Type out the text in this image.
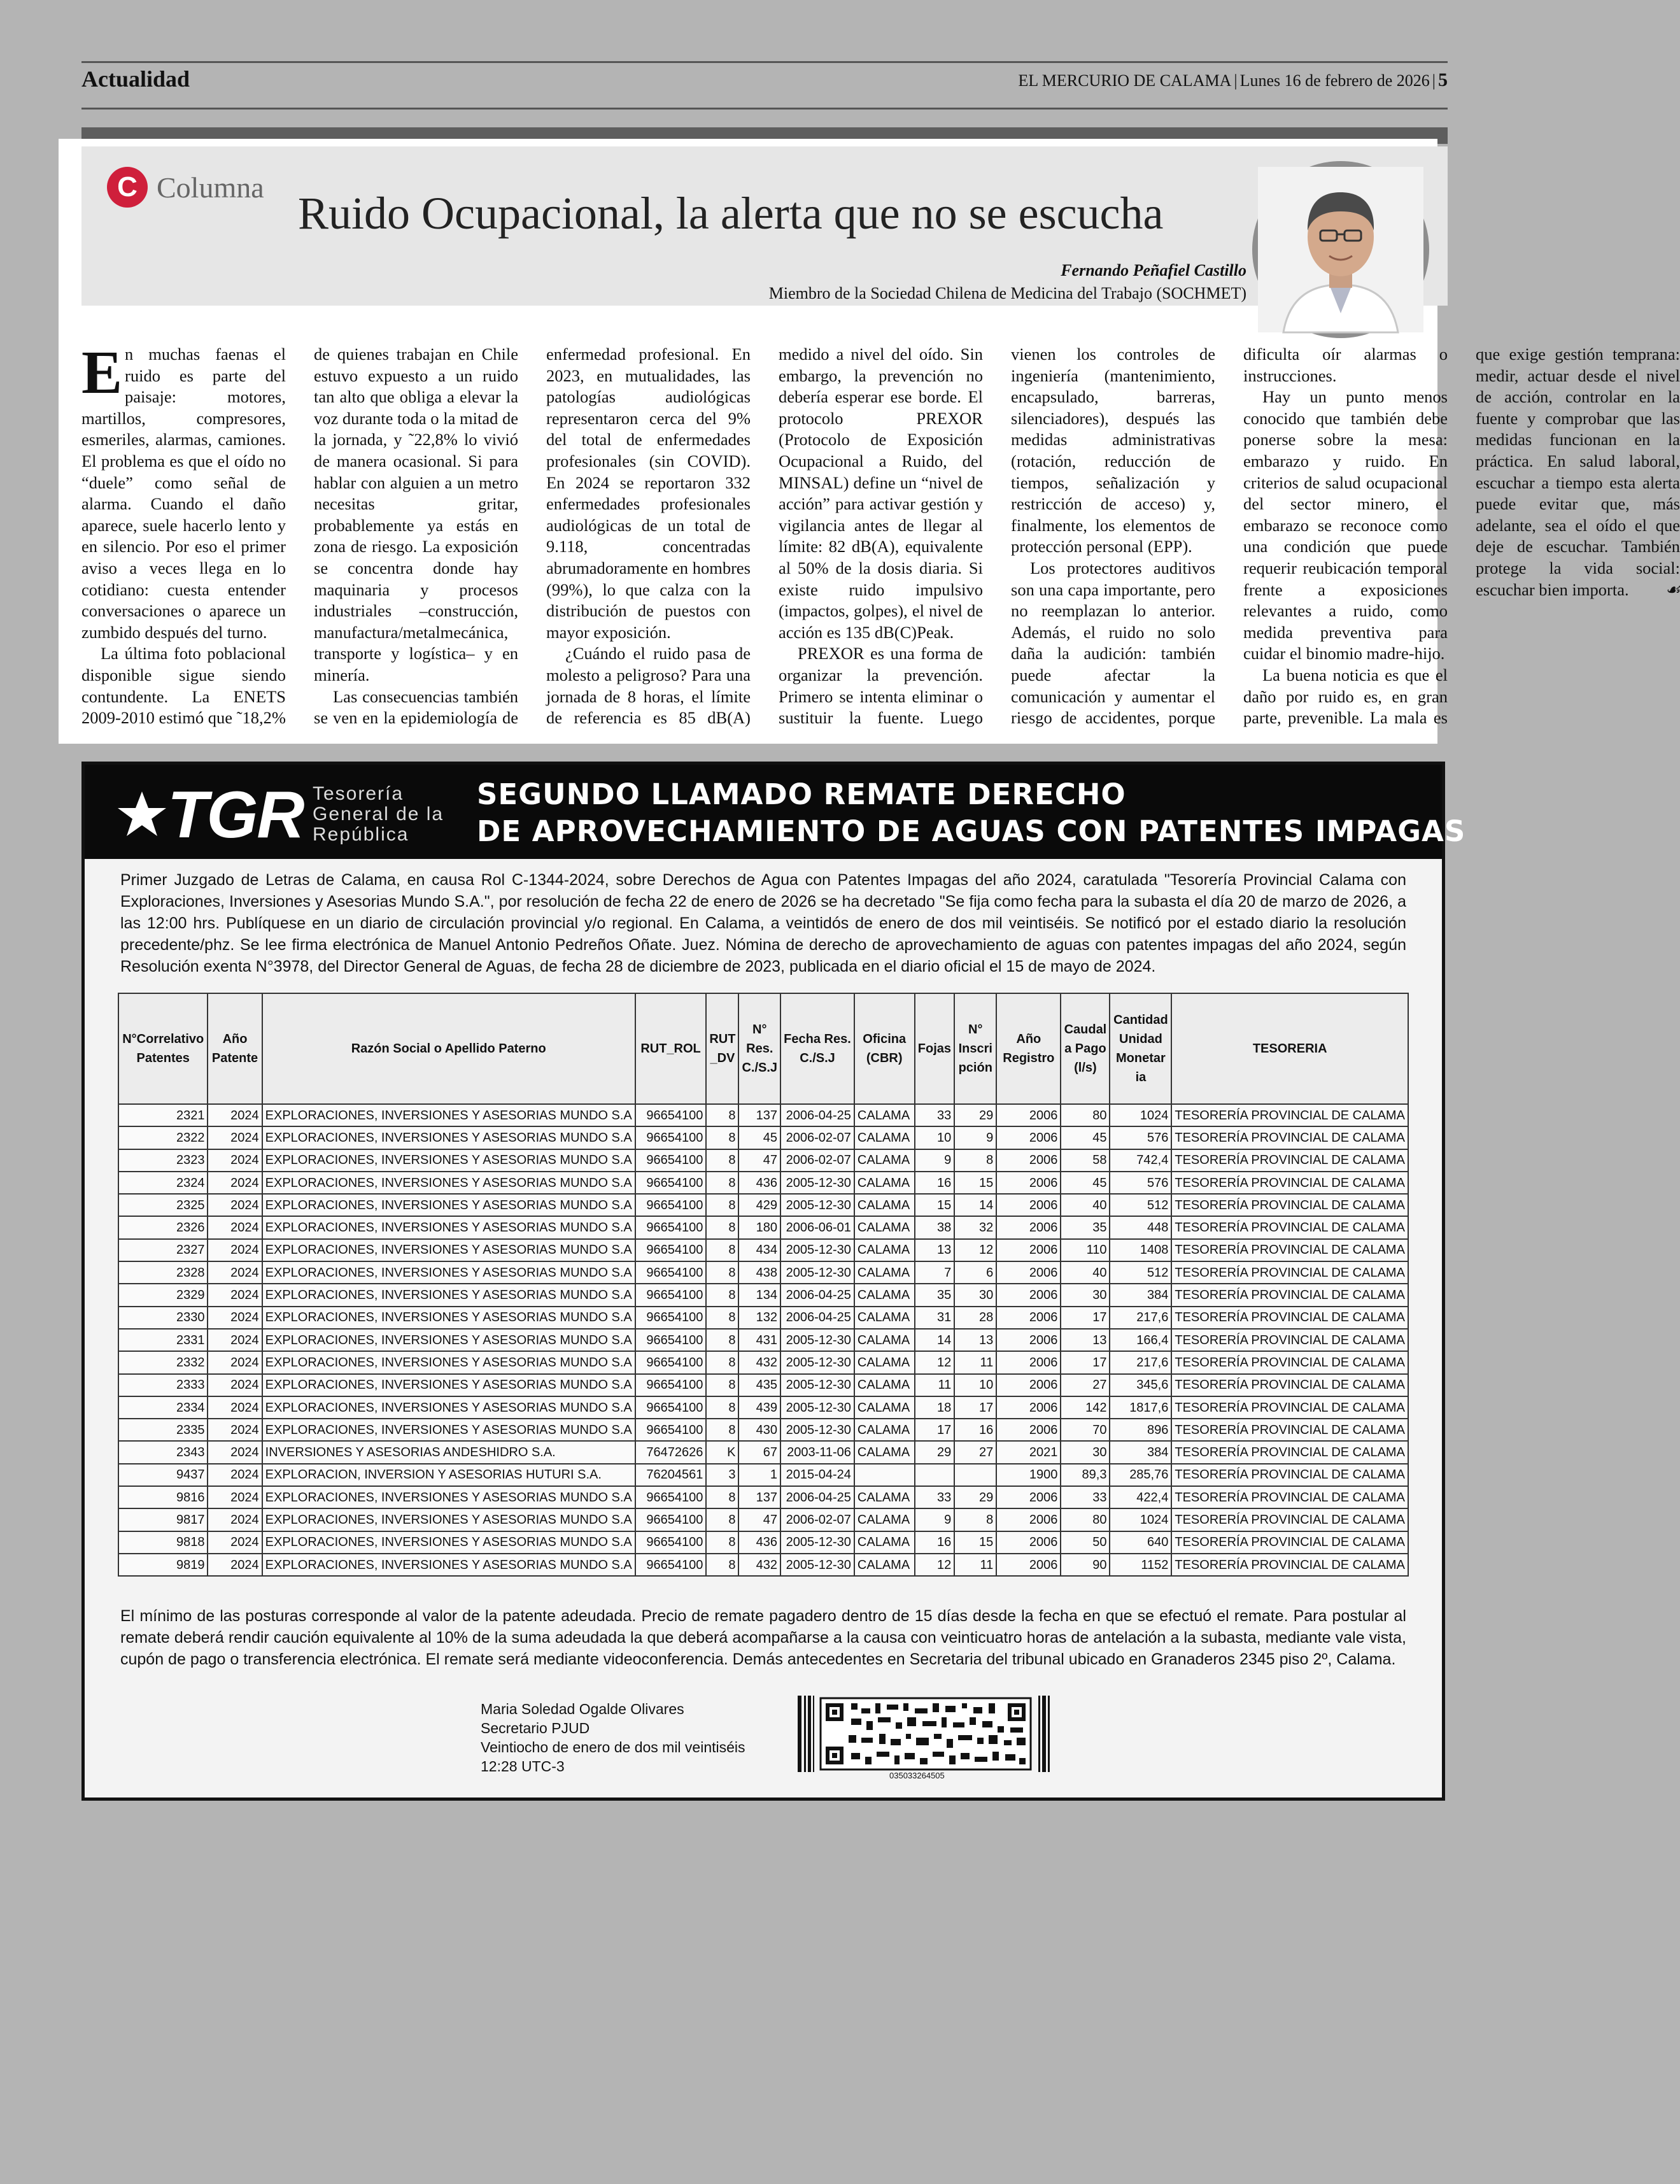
Actualidad	EL MERCURIO DE CALAMA | Lunes 16 de febrero de 2026 | 5
C Columna
Ruido Ocupacional, la alerta que no se escucha
Fernando Peñafiel Castillo
Miembro de la Sociedad Chilena de Medicina del Trabajo (SOCHMET)

En muchas faenas el ruido es parte del paisaje: motores, martillos, compresores, esmeriles, alarmas, camiones. El problema es que el oído no “duele” como señal de alarma. Cuando el daño aparece, suele hacerlo lento y en silencio. Por eso el primer aviso a veces llega en lo cotidiano: cuesta entender conversaciones o aparece un zumbido después del turno.

La última foto poblacional disponible sigue siendo contundente. La ENETS 2009-2010 estimó que ˜18,2% de quienes trabajan en Chile estuvo expuesto a un ruido tan alto que obliga a elevar la voz durante toda o la mitad de la jornada, y ˜22,8% lo vivió de manera ocasional. Si para hablar con alguien a un metro necesitas gritar, probablemente ya estás en zona de riesgo. La exposición se concentra donde hay maquinaria y procesos industriales –construcción, manufactura/metalmecánica, transporte y logística– y en minería.

Las consecuencias también se ven en la epidemiología de enfermedad profesional. En 2023, en mutualidades, las patologías audiológicas representaron cerca del 9% del total de enfermedades profesionales (sin COVID). En 2024 se reportaron 332 enfermedades profesionales audiológicas de un total de 9.118, concentradas abrumadoramente en hombres (99%), lo que calza con la distribución de puestos con mayor exposición.

¿Cuándo el ruido pasa de molesto a peligroso? Para una jornada de 8 horas, el límite de referencia es 85 dB(A) medido a nivel del oído. Sin embargo, la prevención no debería esperar ese borde. El protocolo PREXOR (Protocolo de Exposición Ocupacional a Ruido, del MINSAL) define un “nivel de acción” para activar gestión y vigilancia antes de llegar al límite: 82 dB(A), equivalente al 50% de la dosis diaria. Si existe ruido impulsivo (impactos, golpes), el nivel de acción es 135 dB(C)Peak.

PREXOR es una forma de organizar la prevención. Primero se intenta eliminar o sustituir la fuente. Luego vienen los controles de ingeniería (mantenimiento, encapsulado, barreras, silenciadores), después las medidas administrativas (rotación, reducción de tiempos, señalización y restricción de acceso) y, finalmente, los elementos de protección personal (EPP).

Los protectores auditivos son una capa importante, pero no reemplazan lo anterior. Además, el ruido no solo daña la audición: también puede afectar la comunicación y aumentar el riesgo de accidentes, porque dificulta oír alarmas o instrucciones.

Hay un punto menos conocido que también debe ponerse sobre la mesa: embarazo y ruido. En criterios de salud ocupacional del sector minero, el embarazo se reconoce como una condición que puede requerir reubicación temporal frente a exposiciones relevantes a ruido, como medida preventiva para cuidar el binomio madre-hijo.

La buena noticia es que el daño por ruido es, en gran parte, prevenible. La mala es que exige gestión temprana: medir, actuar desde el nivel de acción, controlar en la fuente y comprobar que las medidas funcionan en la práctica. En salud laboral, escuchar a tiempo esta alerta puede evitar que, más adelante, sea el oído el que deje de escuchar. También protege la vida social: escuchar bien importa.	☙

TGR Tesorería
General de la
República
SEGUNDO LLAMADO REMATE DERECHO
DE APROVECHAMIENTO DE AGUAS CON PATENTES IMPAGAS
Primer Juzgado de Letras de Calama, en causa Rol C-1344-2024, sobre Derechos de Agua con Patentes Impagas del año 2024, caratulada "Tesorería Provincial Calama con Exploraciones, Inversiones y Asesorias Mundo S.A.", por resolución de fecha 22 de enero de 2026 se ha decretado "Se fija como fecha para la subasta el día 20 de marzo de 2026, a las 12:00 hrs. Publíquese en un diario de circulación provincial y/o regional. En Calama, a veintidós de enero de dos mil veintiséis. Se notificó por el estado diario la resolución precedente/phz. Se lee firma electrónica de Manuel Antonio Pedreños Oñate. Juez. Nómina de derecho de aprovechamiento de aguas con patentes impagas del año 2024, según Resolución exenta N°3978, del Director General de Aguas, de fecha 28 de diciembre de 2023, publicada en el diario oficial el 15 de mayo de 2024.
N°Correlativo Patentes	Año Patente	Razón Social o Apellido Paterno	RUT_ROL	RUT _DV	N° Res. C./S.J	Fecha Res. C./S.J	Oficina (CBR)	Fojas	N° Inscri pción	Año Registro	Caudal a Pago (l/s)	Cantidad Unidad Monetar ia	TESORERIA
2321	2024	EXPLORACIONES, INVERSIONES Y ASESORIAS MUNDO S.A	96654100	8	137	2006-04-25	CALAMA	33	29	2006	80	1024	TESORERÍA PROVINCIAL DE CALAMA
2322	2024	EXPLORACIONES, INVERSIONES Y ASESORIAS MUNDO S.A	96654100	8	45	2006-02-07	CALAMA	10	9	2006	45	576	TESORERÍA PROVINCIAL DE CALAMA
2323	2024	EXPLORACIONES, INVERSIONES Y ASESORIAS MUNDO S.A	96654100	8	47	2006-02-07	CALAMA	9	8	2006	58	742,4	TESORERÍA PROVINCIAL DE CALAMA
2324	2024	EXPLORACIONES, INVERSIONES Y ASESORIAS MUNDO S.A	96654100	8	436	2005-12-30	CALAMA	16	15	2006	45	576	TESORERÍA PROVINCIAL DE CALAMA
2325	2024	EXPLORACIONES, INVERSIONES Y ASESORIAS MUNDO S.A	96654100	8	429	2005-12-30	CALAMA	15	14	2006	40	512	TESORERÍA PROVINCIAL DE CALAMA
2326	2024	EXPLORACIONES, INVERSIONES Y ASESORIAS MUNDO S.A	96654100	8	180	2006-06-01	CALAMA	38	32	2006	35	448	TESORERÍA PROVINCIAL DE CALAMA
2327	2024	EXPLORACIONES, INVERSIONES Y ASESORIAS MUNDO S.A	96654100	8	434	2005-12-30	CALAMA	13	12	2006	110	1408	TESORERÍA PROVINCIAL DE CALAMA
2328	2024	EXPLORACIONES, INVERSIONES Y ASESORIAS MUNDO S.A	96654100	8	438	2005-12-30	CALAMA	7	6	2006	40	512	TESORERÍA PROVINCIAL DE CALAMA
2329	2024	EXPLORACIONES, INVERSIONES Y ASESORIAS MUNDO S.A	96654100	8	134	2006-04-25	CALAMA	35	30	2006	30	384	TESORERÍA PROVINCIAL DE CALAMA
2330	2024	EXPLORACIONES, INVERSIONES Y ASESORIAS MUNDO S.A	96654100	8	132	2006-04-25	CALAMA	31	28	2006	17	217,6	TESORERÍA PROVINCIAL DE CALAMA
2331	2024	EXPLORACIONES, INVERSIONES Y ASESORIAS MUNDO S.A	96654100	8	431	2005-12-30	CALAMA	14	13	2006	13	166,4	TESORERÍA PROVINCIAL DE CALAMA
2332	2024	EXPLORACIONES, INVERSIONES Y ASESORIAS MUNDO S.A	96654100	8	432	2005-12-30	CALAMA	12	11	2006	17	217,6	TESORERÍA PROVINCIAL DE CALAMA
2333	2024	EXPLORACIONES, INVERSIONES Y ASESORIAS MUNDO S.A	96654100	8	435	2005-12-30	CALAMA	11	10	2006	27	345,6	TESORERÍA PROVINCIAL DE CALAMA
2334	2024	EXPLORACIONES, INVERSIONES Y ASESORIAS MUNDO S.A	96654100	8	439	2005-12-30	CALAMA	18	17	2006	142	1817,6	TESORERÍA PROVINCIAL DE CALAMA
2335	2024	EXPLORACIONES, INVERSIONES Y ASESORIAS MUNDO S.A	96654100	8	430	2005-12-30	CALAMA	17	16	2006	70	896	TESORERÍA PROVINCIAL DE CALAMA
2343	2024	INVERSIONES Y ASESORIAS ANDESHIDRO S.A.	76472626	K	67	2003-11-06	CALAMA	29	27	2021	30	384	TESORERÍA PROVINCIAL DE CALAMA
9437	2024	EXPLORACION, INVERSION Y ASESORIAS HUTURI S.A.	76204561	3	1	2015-04-24				1900	89,3	285,76	TESORERÍA PROVINCIAL DE CALAMA
9816	2024	EXPLORACIONES, INVERSIONES Y ASESORIAS MUNDO S.A	96654100	8	137	2006-04-25	CALAMA	33	29	2006	33	422,4	TESORERÍA PROVINCIAL DE CALAMA
9817	2024	EXPLORACIONES, INVERSIONES Y ASESORIAS MUNDO S.A	96654100	8	47	2006-02-07	CALAMA	9	8	2006	80	1024	TESORERÍA PROVINCIAL DE CALAMA
9818	2024	EXPLORACIONES, INVERSIONES Y ASESORIAS MUNDO S.A	96654100	8	436	2005-12-30	CALAMA	16	15	2006	50	640	TESORERÍA PROVINCIAL DE CALAMA
9819	2024	EXPLORACIONES, INVERSIONES Y ASESORIAS MUNDO S.A	96654100	8	432	2005-12-30	CALAMA	12	11	2006	90	1152	TESORERÍA PROVINCIAL DE CALAMA
El mínimo de las posturas corresponde al valor de la patente adeudada. Precio de remate pagadero dentro de 15 días desde la fecha en que se efectuó el remate. Para postular al remate deberá rendir caución equivalente al 10% de la suma adeudada la que deberá acompañarse a la causa con veinticuatro horas de antelación a la subasta, mediante vale vista, cupón de pago o transferencia electrónica. El remate será mediante videoconferencia. Demás antecedentes en Secretaria del tribunal ubicado en Granaderos 2345 piso 2º, Calama.
Maria Soledad Ogalde Olivares
Secretario PJUD
Veintiocho de enero de dos mil veintiséis
12:28 UTC-3
035033264505
